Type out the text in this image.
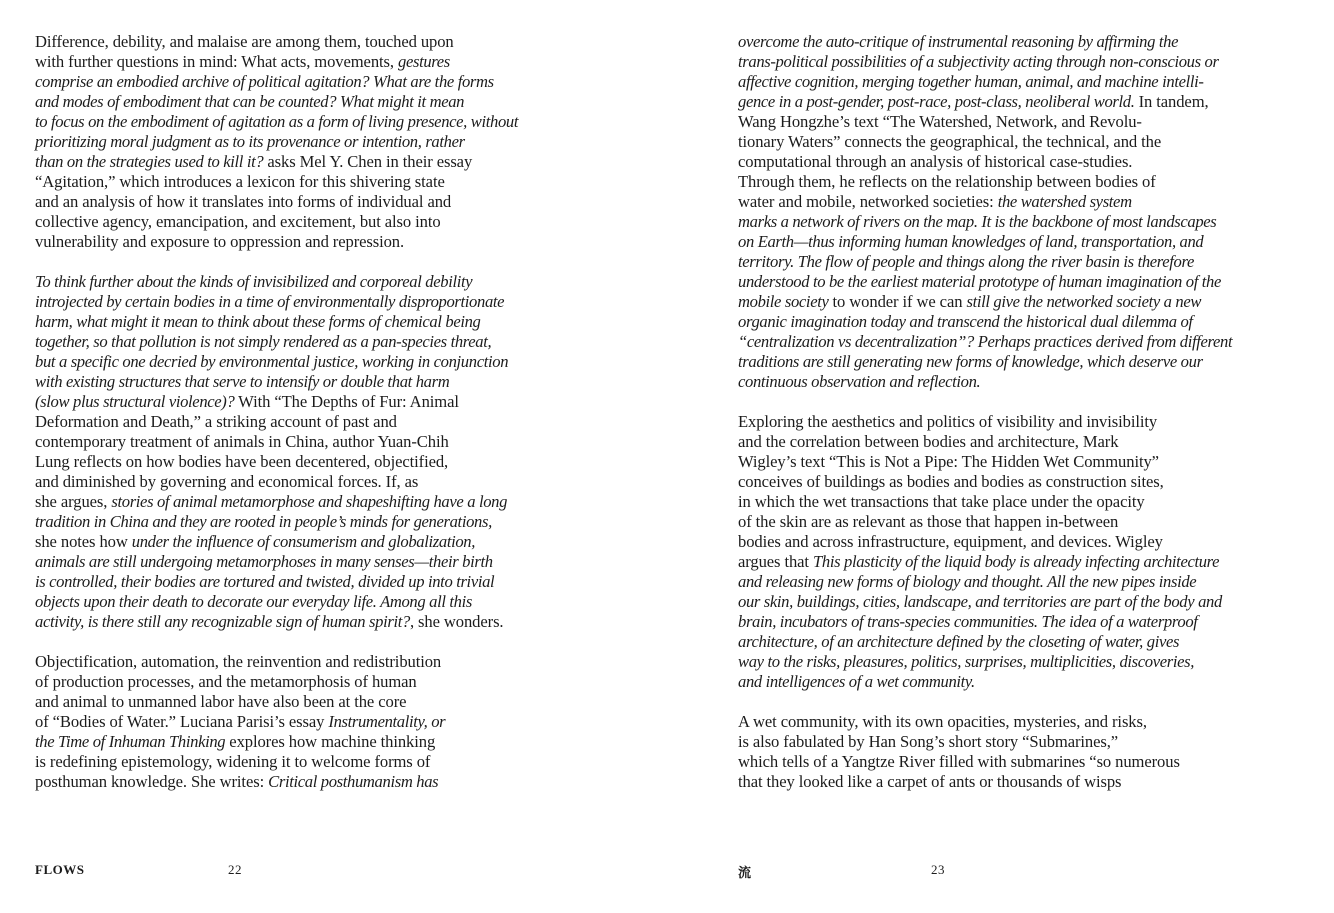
Difference, debility, and malaise are among them, touched upon
with further questions in mind: What acts, movements, gestures
comprise an embodied archive of political agitation? What are the forms
and modes of embodiment that can be counted? What might it mean
to focus on the embodiment of agitation as a form of living presence, without
prioritizing moral judgment as to its provenance or intention, rather
than on the strategies used to kill it? asks Mel Y. Chen in their essay
“Agitation,” which introduces a lexicon for this shivering state
and an analysis of how it translates into forms of individual and
collective agency, emancipation, and excitement, but also into
vulnerability and exposure to oppression and repression.

To think further about the kinds of invisibilized and corporeal debility
introjected by certain bodies in a time of environmentally disproportionate
harm, what might it mean to think about these forms of chemical being
together, so that pollution is not simply rendered as a pan-species threat,
but a specific one decried by environmental justice, working in conjunction
with existing structures that serve to intensify or double that harm
(slow plus structural violence)? With “The Depths of Fur: Animal
Deformation and Death,” a striking account of past and
contemporary treatment of animals in China, author Yuan-Chih
Lung reflects on how bodies have been decentered, objectified,
and diminished by governing and economical forces. If, as
she argues, stories of animal metamorphose and shapeshifting have a long
tradition in China and they are rooted in people’s minds for generations,
she notes how under the influence of consumerism and globalization,
animals are still undergoing metamorphoses in many senses—their birth
is controlled, their bodies are tortured and twisted, divided up into trivial
objects upon their death to decorate our everyday life. Among all this
activity, is there still any recognizable sign of human spirit?, she wonders.

Objectification, automation, the reinvention and redistribution
of production processes, and the metamorphosis of human
and animal to unmanned labor have also been at the core
of “Bodies of Water.” Luciana Parisi’s essay Instrumentality, or
the Time of Inhuman Thinking explores how machine thinking
is redefining epistemology, widening it to welcome forms of
posthuman knowledge. She writes: Critical posthumanism has

overcome the auto-critique of instrumental reasoning by affirming the
trans-political possibilities of a subjectivity acting through non-conscious or
affective cognition, merging together human, animal, and machine intelli-
gence in a post-gender, post-race, post-class, neoliberal world. In tandem,
Wang Hongzhe’s text “The Watershed, Network, and Revolu-
tionary Waters” connects the geographical, the technical, and the
computational through an analysis of historical case-studies.
Through them, he reflects on the relationship between bodies of
water and mobile, networked societies: the watershed system
marks a network of rivers on the map. It is the backbone of most landscapes
on Earth—thus informing human knowledges of land, transportation, and
territory. The flow of people and things along the river basin is therefore
understood to be the earliest material prototype of human imagination of the
mobile society to wonder if we can still give the networked society a new
organic imagination today and transcend the historical dual dilemma of
“centralization vs decentralization”? Perhaps practices derived from different
traditions are still generating new forms of knowledge, which deserve our
continuous observation and reflection.

Exploring the aesthetics and politics of visibility and invisibility
and the correlation between bodies and architecture, Mark
Wigley’s text “This is Not a Pipe: The Hidden Wet Community”
conceives of buildings as bodies and bodies as construction sites,
in which the wet transactions that take place under the opacity
of the skin are as relevant as those that happen in-between
bodies and across infrastructure, equipment, and devices. Wigley
argues that This plasticity of the liquid body is already infecting architecture
and releasing new forms of biology and thought. All the new pipes inside
our skin, buildings, cities, landscape, and territories are part of the body and
brain, incubators of trans-species communities. The idea of a waterproof
architecture, of an architecture defined by the closeting of water, gives
way to the risks, pleasures, politics, surprises, multiplicities, discoveries,
and intelligences of a wet community.

A wet community, with its own opacities, mysteries, and risks,
is also fabulated by Han Song’s short story “Submarines,”
which tells of a Yangtze River filled with submarines “so numerous
that they looked like a carpet of ants or thousands of wisps

FLOWS	22	流	23
